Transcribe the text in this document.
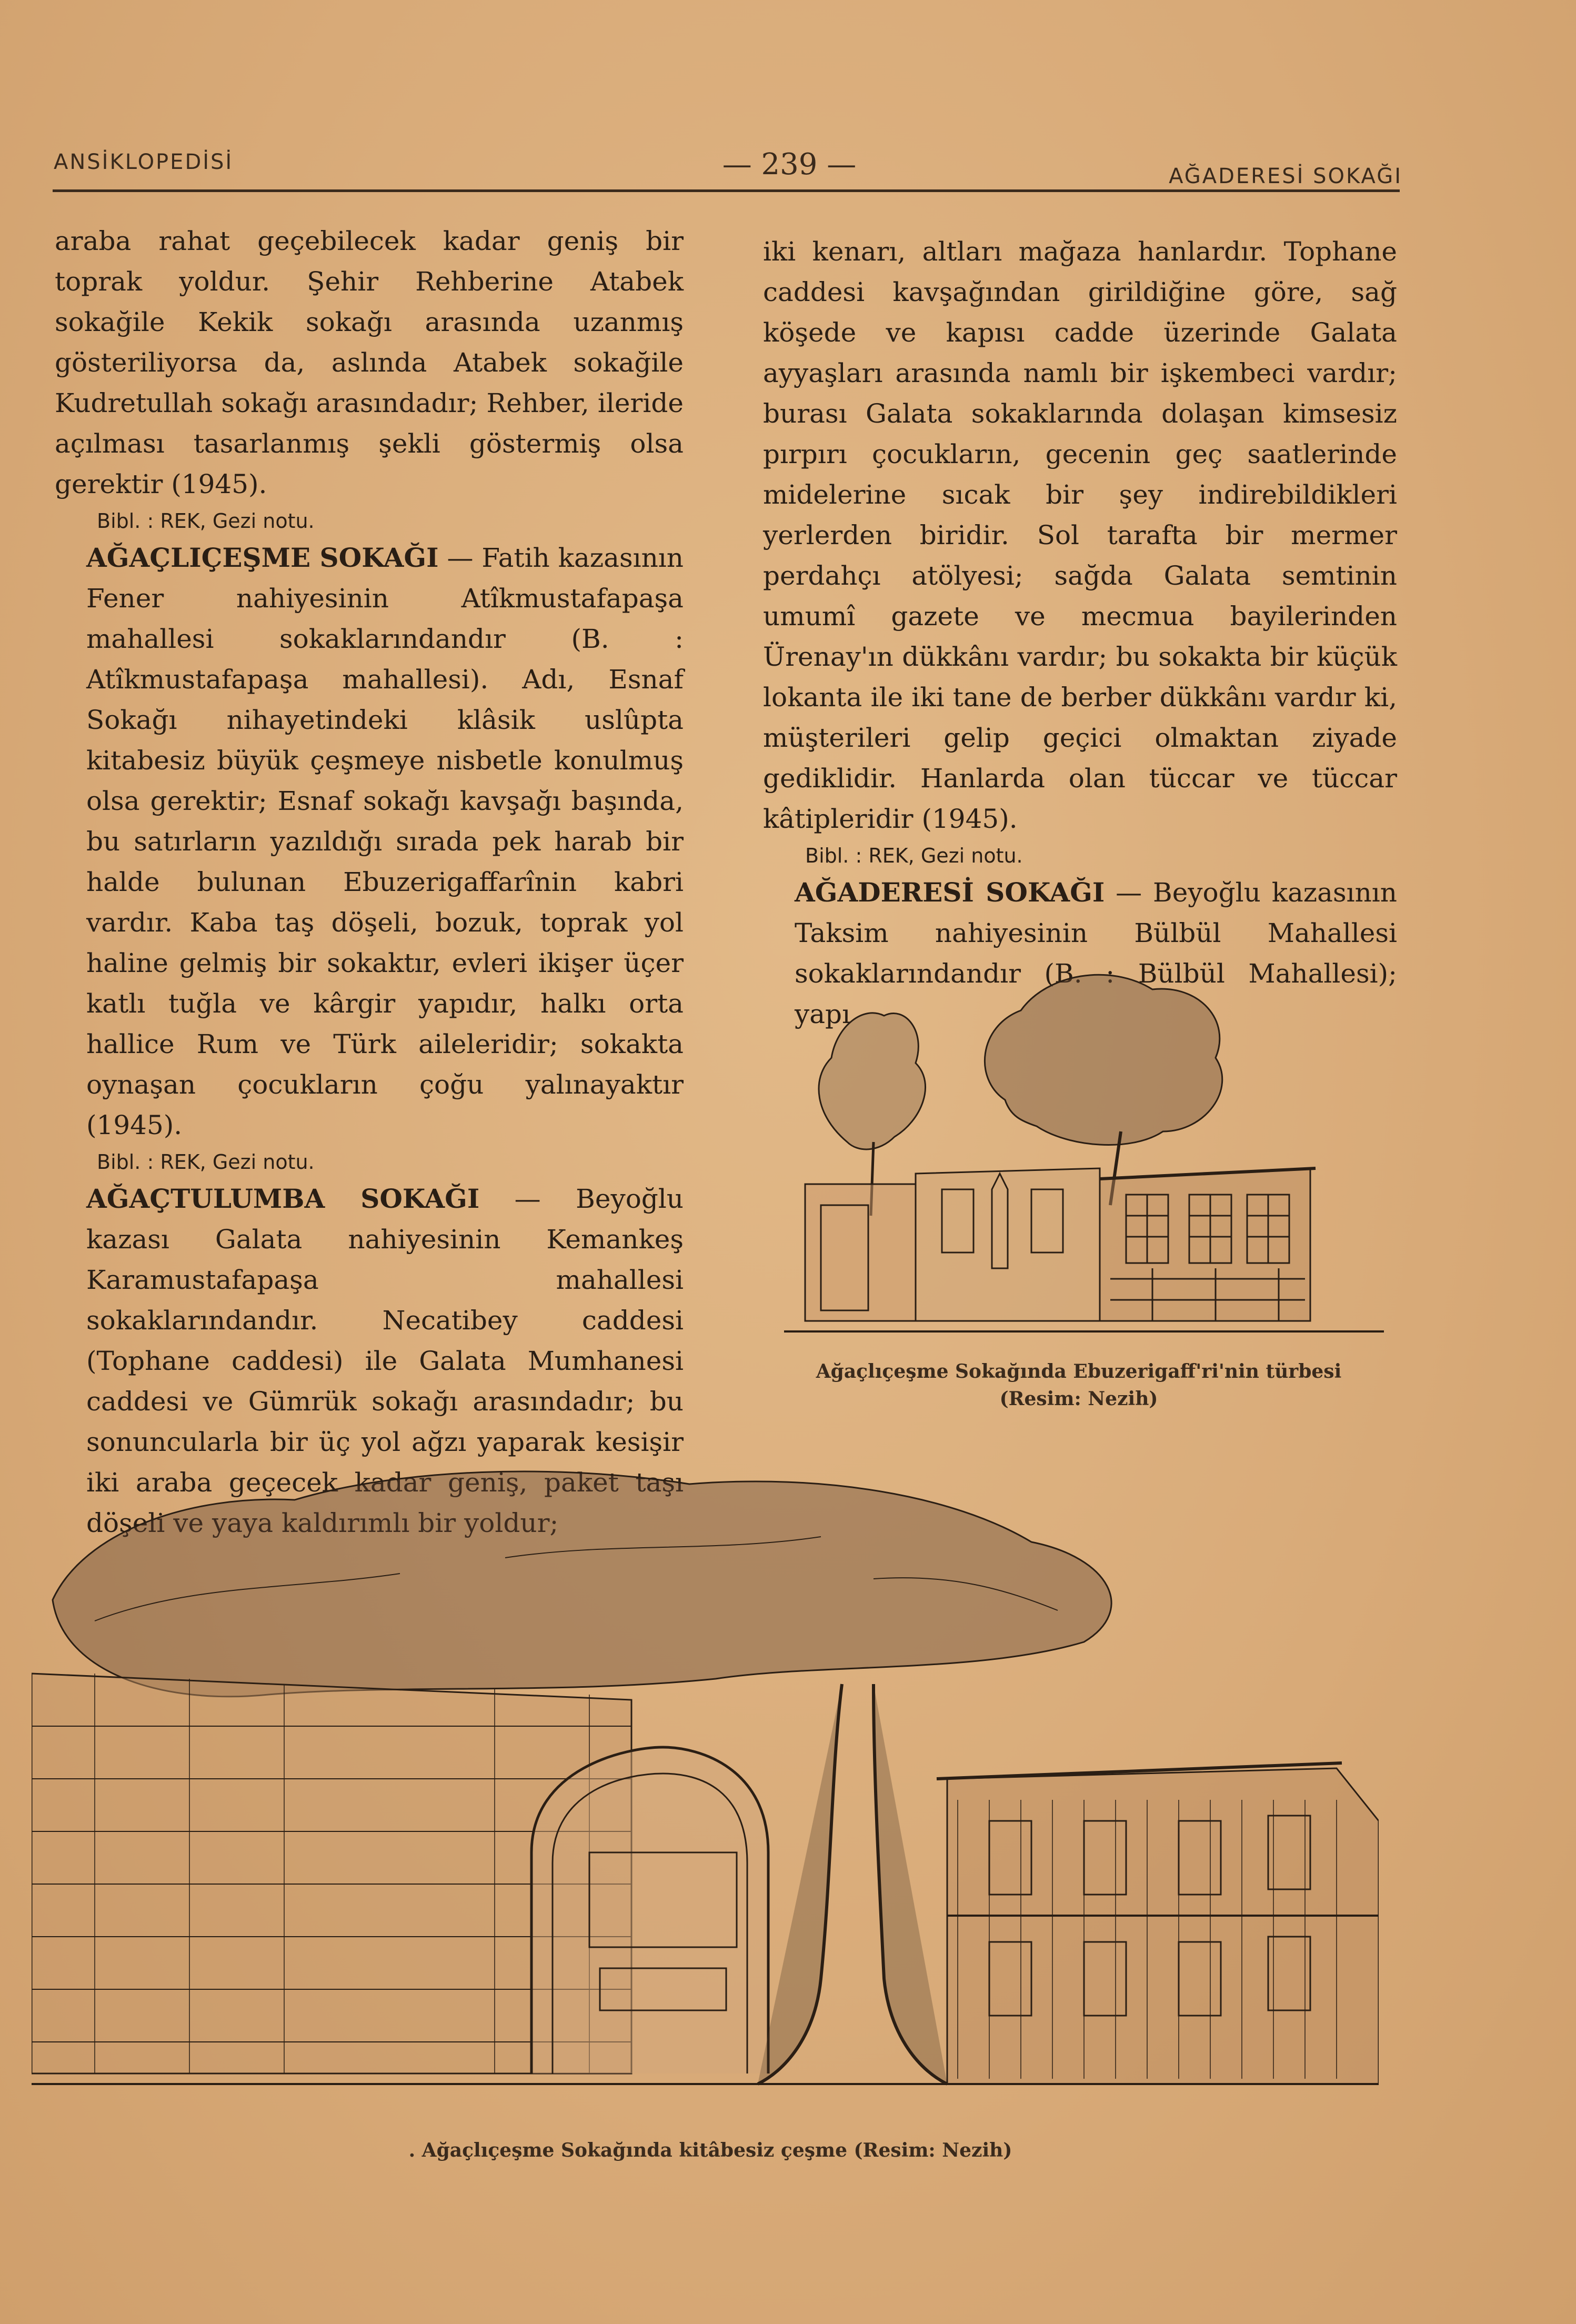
ANSİKLOPEDİSİ	— 239 —	AĞADERESİ SOKAĞI

araba rahat geçebilecek kadar geniş bir toprak yoldur. Şehir Rehberine Atabek sokağile Kekik sokağı arasında uzanmış gösteriliyorsa da, aslında Atabek sokağile Kudretullah sokağı arasındadır; Rehber, ileride açılması tasarlanmış şekli göstermiş olsa gerektir (1945).

Bibl. : REK, Gezi notu.

AĞAÇLIÇEŞME SOKAĞI — Fatih kazasının Fener nahiyesinin Atîkmustafapaşa mahallesi sokaklarındandır (B. : Atîkmustafapaşa mahallesi). Adı, Esnaf Sokağı nihayetindeki klâsik uslûpta kitabesiz büyük çeşmeye nisbetle konulmuş olsa gerektir; Esnaf sokağı kavşağı başında, bu satırların yazıldığı sırada pek harab bir halde bulunan Ebuzerigaffarînin kabri vardır. Kaba taş döşeli, bozuk, toprak yol haline gelmiş bir sokaktır, evleri ikişer üçer katlı tuğla ve kârgir yapıdır, halkı orta hallice Rum ve Türk aileleridir; sokakta oynaşan çocukların çoğu yalınayaktır (1945).

Bibl. : REK, Gezi notu.

AĞAÇTULUMBA SOKAĞI — Beyoğlu kazası Galata nahiyesinin Kemankeş Karamustafapaşa mahallesi sokaklarındandır. Necatibey caddesi (Tophane caddesi) ile Galata Mumhanesi caddesi ve Gümrük sokağı arasındadır; bu sonuncularla bir üç yol ağzı yaparak kesişir iki araba geçecek kadar geniş, paket taşı döşeli ve yaya kaldırımlı bir yoldur;

iki kenarı, altları mağaza hanlardır. Tophane caddesi kavşağından girildiğine göre, sağ köşede ve kapısı cadde üzerinde Galata ayyaşları arasında namlı bir işkembeci vardır; burası Galata sokaklarında dolaşan kimsesiz pırpırı çocukların, gecenin geç saatlerinde midelerine sıcak bir şey indirebildikleri yerlerden biridir. Sol tarafta bir mermer perdahçı atölyesi; sağda Galata semtinin umumî gazete ve mecmua bayilerinden Ürenay'ın dükkânı vardır; bu sokakta bir küçük lokanta ile iki tane de berber dükkânı vardır ki, müşterileri gelip geçici olmaktan ziyade gediklidir. Hanlarda olan tüccar ve tüccar kâtipleridir (1945).

Bibl. : REK, Gezi notu.

AĞADERESİ SOKAĞI — Beyoğlu kazasının Taksim nahiyesinin Bülbül Mahallesi sokaklarındandır (B. : Bülbül Mahallesi); yapı

Ağaçlıçeşme Sokağında Ebuzerigaff'ri'nin türbesi
(Resim: Nezih)
. Ağaçlıçeşme Sokağında kitâbesiz çeşme (Resim: Nezih)
